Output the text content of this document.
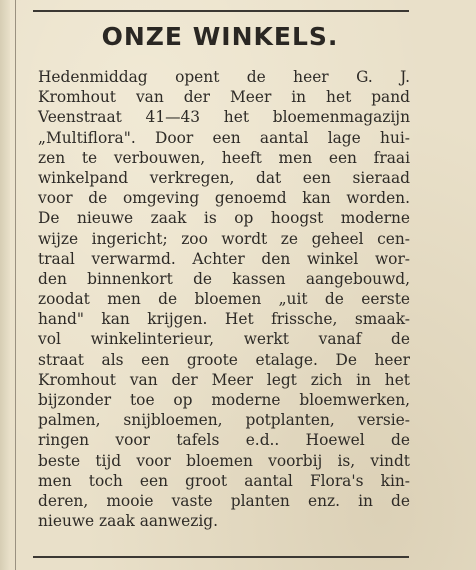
ONZE WINKELS.
Hedenmiddag opent de heer G. J.
Kromhout van der Meer in het pand
Veenstraat 41—43 het bloemenmagazijn
„Multiflora". Door een aantal lage hui-
zen te verbouwen, heeft men een fraai
winkelpand verkregen, dat een sieraad
voor de omgeving genoemd kan worden.
De nieuwe zaak is op hoogst moderne
wijze ingericht; zoo wordt ze geheel cen-
traal verwarmd. Achter den winkel wor-
den binnenkort de kassen aangebouwd,
zoodat men de bloemen „uit de eerste
hand" kan krijgen. Het frissche, smaak-
vol winkelinterieur, werkt vanaf de
straat als een groote etalage. De heer
Kromhout van der Meer legt zich in het
bijzonder toe op moderne bloemwerken,
palmen, snijbloemen, potplanten, versie-
ringen voor tafels e.d.. Hoewel de
beste tijd voor bloemen voorbij is, vindt
men toch een groot aantal Flora's kin-
deren, mooie vaste planten enz. in de
nieuwe zaak aanwezig.
